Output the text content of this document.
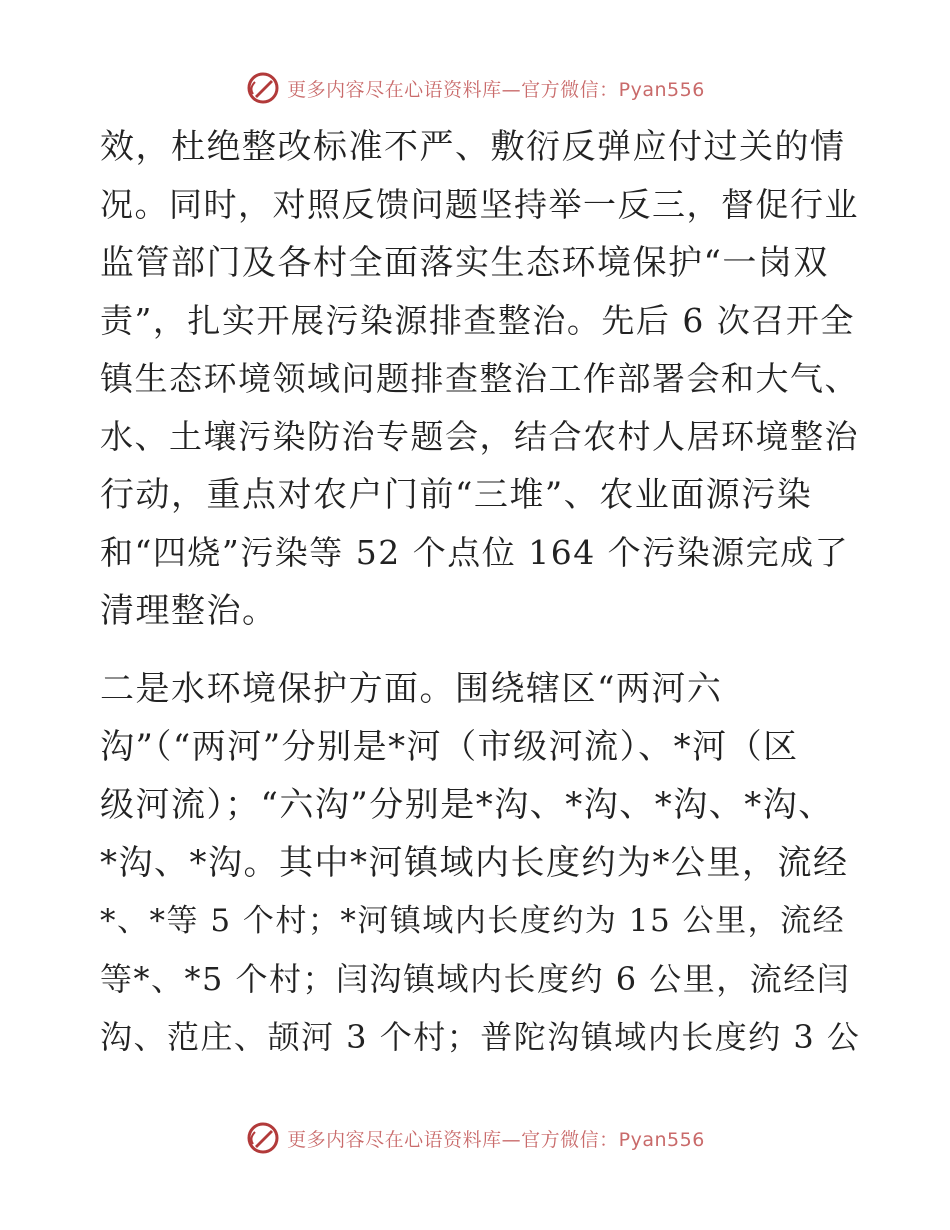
更多内容尽在心语资料库—官方微信：Pyan556
效，杜绝整改标准不严、敷衍反弹应付过关的情
况。同时，对照反馈问题坚持举一反三，督促行业
监管部门及各村全面落实生态环境保护“一岗双
责”，扎实开展污染源排查整治。先后 6 次召开全
镇生态环境领域问题排查整治工作部署会和大气、
水、土壤污染防治专题会，结合农村人居环境整治
行动，重点对农户门前“三堆”、农业面源污染
和“四烧”污染等 52 个点位 164 个污染源完成了
清理整治。
二是水环境保护方面。围绕辖区“两河六
沟”（“两河”分别是*河（市级河流）、*河（区
级河流）；“六沟”分别是*沟、*沟、*沟、*沟、
*沟、*沟。其中*河镇域内长度约为*公里，流经
*、*等 5 个村；*河镇域内长度约为 15 公里，流经
等*、*5 个村；闫沟镇域内长度约 6 公里，流经闫
沟、范庄、颉河 3 个村；普陀沟镇域内长度约 3 公
更多内容尽在心语资料库—官方微信：Pyan556
